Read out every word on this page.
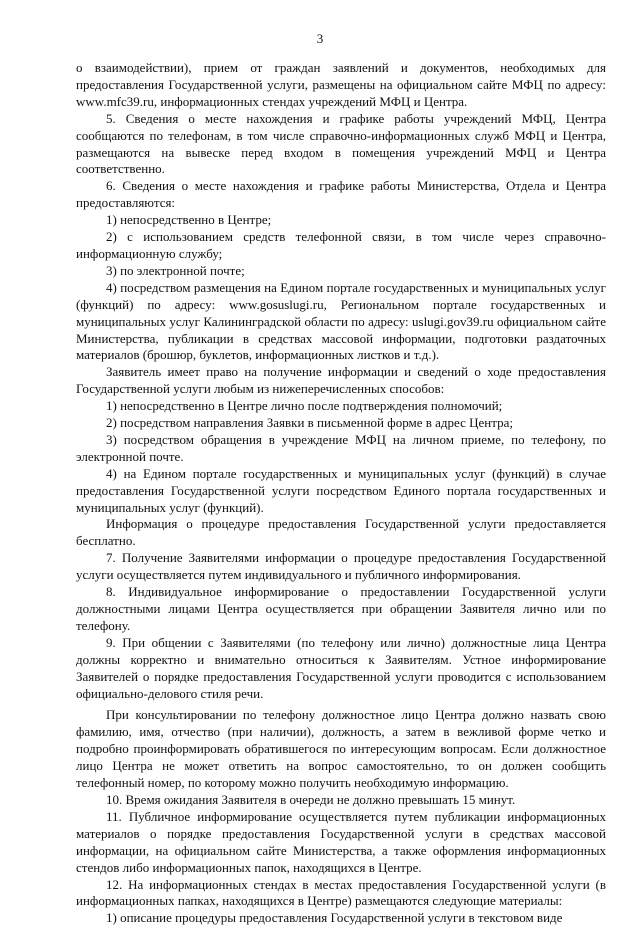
3

о взаимодействии), прием от граждан заявлений и документов, необходимых для предоставления Государственной услуги, размещены на официальном сайте МФЦ по адресу: www.mfc39.ru, информационных стендах учреждений МФЦ и Центра.

5. Сведения о месте нахождения и графике работы учреждений МФЦ, Центра сообщаются по телефонам, в том числе справочно-информационных служб МФЦ и Центра, размещаются на вывеске перед входом в помещения учреждений МФЦ и Центра соответственно.

6. Сведения о месте нахождения и графике работы Министерства, Отдела и Центра предоставляются:

1) непосредственно в Центре;

2) с использованием средств телефонной связи, в том числе через справочно-информационную службу;

3) по электронной почте;

4) посредством размещения на Едином портале государственных и муниципальных услуг (функций) по адресу: www.gosuslugi.ru, Региональном портале государственных и муниципальных услуг Калининградской области по адресу: uslugi.gov39.ru официальном сайте Министерства, публикации в средствах массовой информации, подготовки раздаточных материалов (брошюр, буклетов, информационных листков и т.д.).

Заявитель имеет право на получение информации и сведений о ходе предоставления Государственной услуги любым из нижеперечисленных способов:

1) непосредственно в Центре лично после подтверждения полномочий;

2) посредством направления Заявки в письменной форме в адрес Центра;

3) посредством обращения в учреждение МФЦ на личном приеме, по телефону, по электронной почте.

4) на Едином портале государственных и муниципальных услуг (функций) в случае предоставления Государственной услуги посредством Единого портала государственных и муниципальных услуг (функций).

Информация о процедуре предоставления Государственной услуги предоставляется бесплатно.

7. Получение Заявителями информации о процедуре предоставления Государственной услуги осуществляется путем индивидуального и публичного информирования.

8. Индивидуальное информирование о предоставлении Государственной услуги должностными лицами Центра осуществляется при обращении Заявителя лично или по телефону.

9. При общении с Заявителями (по телефону или лично) должностные лица Центра должны корректно и внимательно относиться к Заявителям. Устное информирование Заявителей о порядке предоставления Государственной услуги проводится с использованием официально-делового стиля речи.

При консультировании по телефону должностное лицо Центра должно назвать свою фамилию, имя, отчество (при наличии), должность, а затем в вежливой форме четко и подробно проинформировать обратившегося по интересующим вопросам. Если должностное лицо Центра не может ответить на вопрос самостоятельно, то он должен сообщить телефонный номер, по которому можно получить необходимую информацию.

10. Время ожидания Заявителя в очереди не должно превышать 15 минут.

11. Публичное информирование осуществляется путем публикации информационных материалов о порядке предоставления Государственной услуги в средствах массовой информации, на официальном сайте Министерства, а также оформления информационных стендов либо информационных папок, находящихся в Центре.

12. На информационных стендах в местах предоставления Государственной услуги (в информационных папках, находящихся в Центре) размещаются следующие материалы:

1) описание процедуры предоставления Государственной услуги в текстовом виде
